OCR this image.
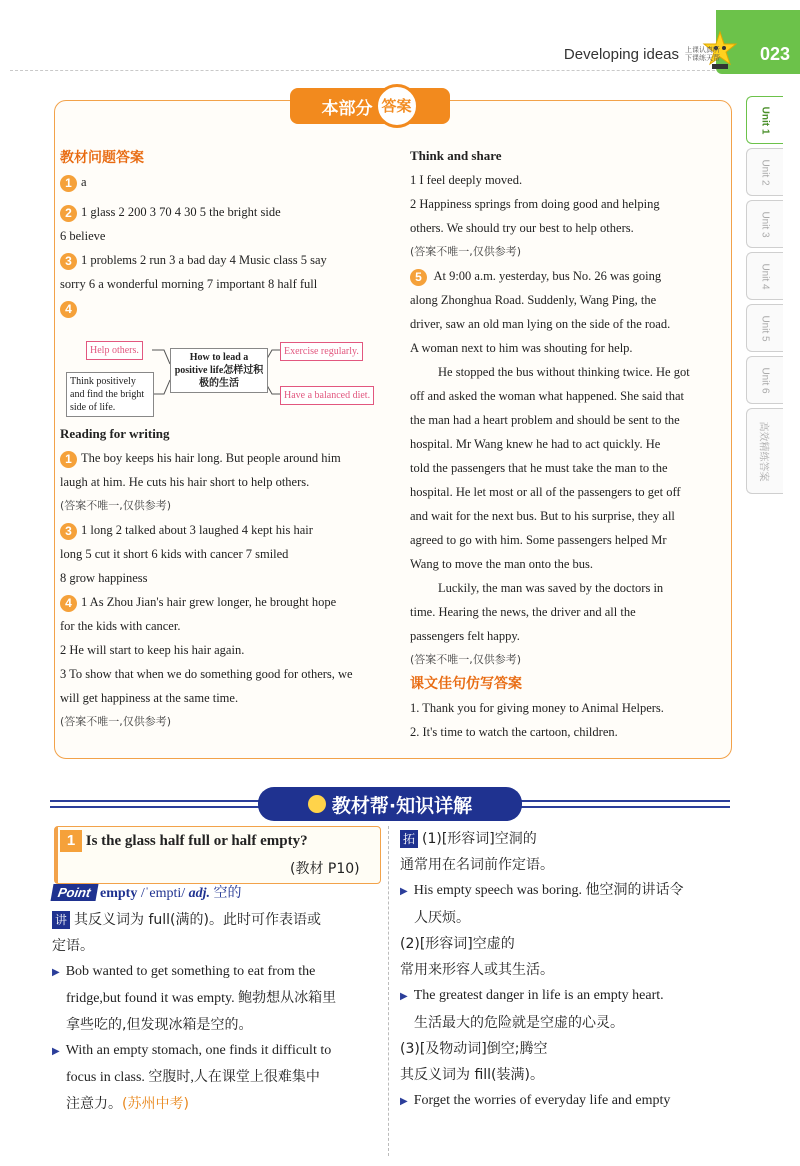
Developing ideas 上课认真听
下课练天帮 023
Unit 1
Unit 2
Unit 3
Unit 4
Unit 5
Unit 6
高效精练答案
本部分 答案
教材问题答案
1 a
2 1 glass 2 200 3 70 4 30 5 the bright side
6 believe
3 1 problems 2 run 3 a bad day 4 Music class 5 say
sorry 6 a wonderful morning 7 important 8 half full
4
Help others.
Think positively and find the bright side of life.
How to lead a positive life怎样过积极的生活
Exercise regularly.
Have a balanced diet.
Reading for writing
1 The boy keeps his hair long. But people around him
laugh at him. He cuts his hair short to help others.
(答案不唯一,仅供参考)
3 1 long 2 talked about 3 laughed 4 kept his hair
long 5 cut it short 6 kids with cancer 7 smiled
8 grow happiness
4 1 As Zhou Jian's hair grew longer, he brought hope
for the kids with cancer.
2 He will start to keep his hair again.
3 To show that when we do something good for others, we
will get happiness at the same time.
(答案不唯一,仅供参考)
Think and share
1 I feel deeply moved.
2 Happiness springs from doing good and helping
others. We should try our best to help others.
(答案不唯一,仅供参考)
5 At 9:00 a.m. yesterday, bus No. 26 was going
along Zhonghua Road. Suddenly, Wang Ping, the
driver, saw an old man lying on the side of the road.
A woman next to him was shouting for help.
He stopped the bus without thinking twice. He got
off and asked the woman what happened. She said that
the man had a heart problem and should be sent to the
hospital. Mr Wang knew he had to act quickly. He
told the passengers that he must take the man to the
hospital. He let most or all of the passengers to get off
and wait for the next bus. But to his surprise, they all
agreed to go with him. Some passengers helped Mr
Wang to move the man onto the bus.
Luckily, the man was saved by the doctors in
time. Hearing the news, the driver and all the
passengers felt happy.
(答案不唯一,仅供参考)
课文佳句仿写答案
1. Thank you for giving money to Animal Helpers.
2. It's time to watch the cartoon, children.
教材帮·知识详解
1 Is the glass half full or half empty?
(教材 P10)
Point empty /ˈempti/ adj. 空的
讲 其反义词为 full(满的)。此时可作表语或
定语。
▶ Bob wanted to get something to eat from the
fridge,but found it was empty. 鲍勃想从冰箱里
拿些吃的,但发现冰箱是空的。
▶ With an empty stomach, one finds it difficult to
focus in class. 空腹时,人在课堂上很难集中
注意力。(苏州中考)
拓 (1)[形容词]空洞的
通常用在名词前作定语。
▶ His empty speech was boring. 他空洞的讲话令
人厌烦。
(2)[形容词]空虚的
常用来形容人或其生活。
▶ The greatest danger in life is an empty heart.
生活最大的危险就是空虚的心灵。
(3)[及物动词]倒空;腾空
其反义词为 fill(装满)。
▶ Forget the worries of everyday life and empty
